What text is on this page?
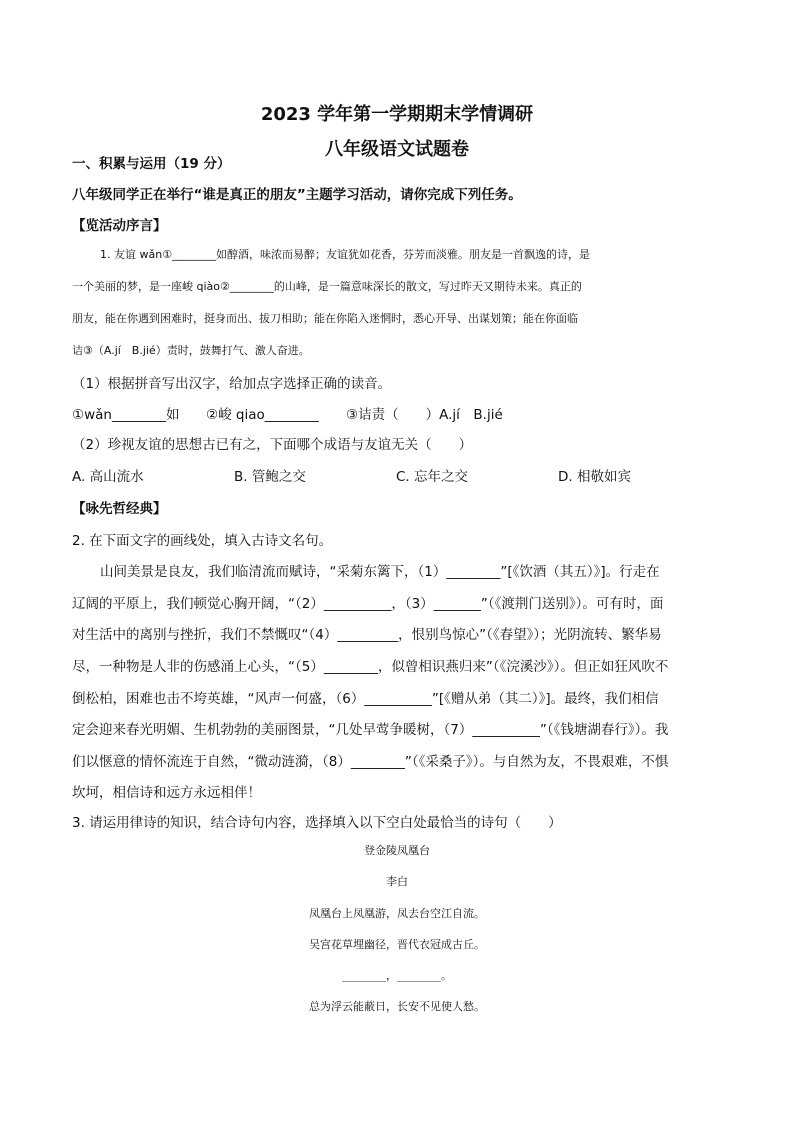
2023 学年第一学期期末学情调研
八年级语文试题卷
一、积累与运用（19 分）
八年级同学正在举行“谁是真正的朋友”主题学习活动，请你完成下列任务。
【览活动序言】
1. 友谊 wǎn①________如醇酒，味浓而易醉；友谊犹如花香，芬芳而淡雅。朋友是一首飘逸的诗，是
一个美丽的梦，是一座峻 qiào②________的山峰，是一篇意味深长的散文，写过昨天又期待未来。真正的
朋友，能在你遇到困难时，挺身而出、拔刀相助；能在你陷入迷惘时，悉心开导、出谋划策；能在你面临
诘③（A.jí　B.jié）责时，鼓舞打气、激人奋进。
（1）根据拼音写出汉字，给加点字选择正确的读音。
①wǎn________如 ②峻 qiao________ ③诘责（　　）A.jí　B.jié
（2）珍视友谊的思想古已有之，下面哪个成语与友谊无关（　　）
A. 高山流水	B. 管鲍之交	C. 忘年之交	D. 相敬如宾
【咏先哲经典】
2. 在下面文字的画线处，填入古诗文名句。
山间美景是良友，我们临清流而赋诗，“采菊东篱下，（1）________”[《饮酒（其五）》]。行走在
辽阔的平原上，我们顿觉心胸开阔，“（2）__________，（3）_______”（《渡荆门送别》）。可有时，面
对生活中的离别与挫折，我们不禁慨叹“（4）_________，恨别鸟惊心”（《春望》）；光阴流转、繁华易
尽，一种物是人非的伤感涌上心头，“（5）________，似曾相识燕归来”（《浣溪沙》）。但正如狂风吹不
倒松柏，困难也击不垮英雄，“风声一何盛，（6）__________”[《赠从弟（其二）》]。最终，我们相信
定会迎来春光明媚、生机勃勃的美丽图景，“几处早莺争暖树，（7）__________”（《钱塘湖春行》）。我
们以惬意的情怀流连于自然，“微动涟漪，（8）________”（《采桑子》）。与自然为友，不畏艰难，不惧
坎坷，相信诗和远方永远相伴！
3. 请运用律诗的知识，结合诗句内容，选择填入以下空白处最恰当的诗句（　　）
登金陵凤凰台
李白
凤凰台上凤凰游，凤去台空江自流。
吴宫花草埋幽径，晋代衣冠成古丘。
________，________。
总为浮云能蔽日，长安不见使人愁。
